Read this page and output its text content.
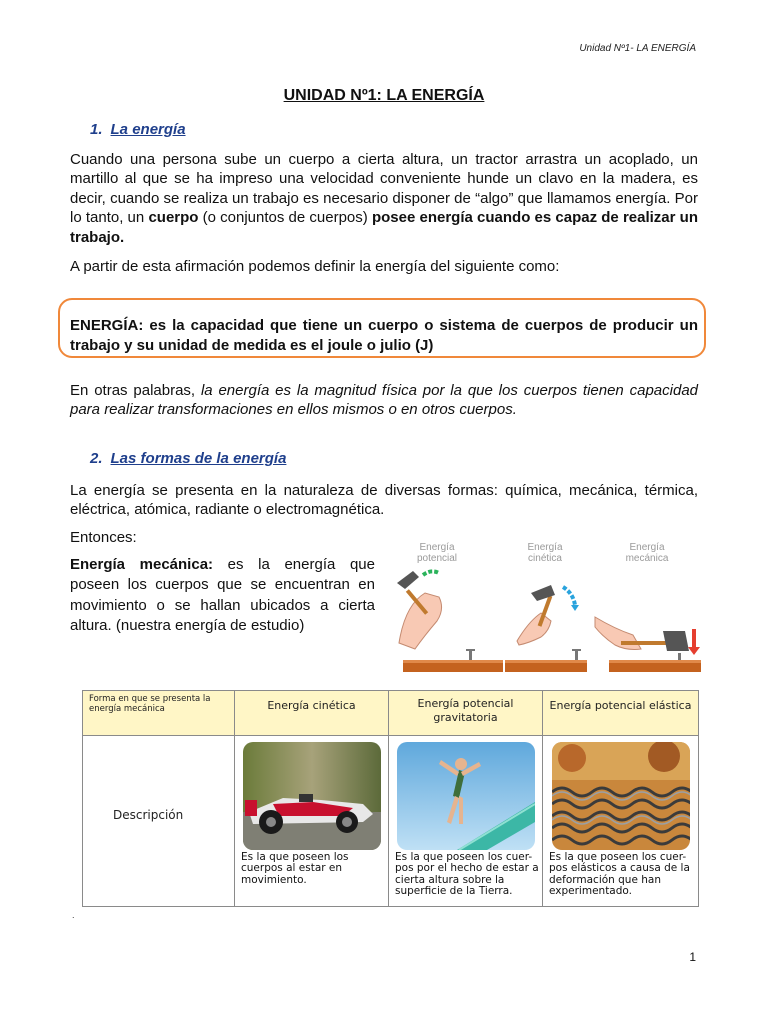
Unidad Nº1- LA ENERGÍA
UNIDAD Nº1: LA ENERGÍA
1. La energía
Cuando una persona sube un cuerpo a cierta altura, un tractor arrastra un acoplado, un martillo al que se ha impreso una velocidad conveniente hunde un clavo en la madera, es decir, cuando se realiza un trabajo es necesario disponer de “algo” que llamamos energía. Por lo tanto, un cuerpo (o conjuntos de cuerpos) posee energía cuando es capaz de realizar un trabajo.
A partir de esta afirmación podemos definir la energía del siguiente como:
ENERGÍA: es la capacidad que tiene un cuerpo o sistema de cuerpos de producir un trabajo y su unidad de medida es el joule o julio (J)
En otras palabras, la energía es la magnitud física por la que los cuerpos tienen capacidad para realizar transformaciones en ellos mismos o en otros cuerpos.
2. Las formas de la energía
La energía se presenta en la naturaleza de diversas formas: química, mecánica, térmica, eléctrica, atómica, radiante o electromagnética.
Entonces:
Energía mecánica: es la energía que poseen los cuerpos que se encuentran en movimiento o se hallan ubicados a cierta altura. (nuestra energía de estudio)
Energía
potencial
Energía
cinética
Energía
mecánica
Forma en que se presenta la energía mecánica	Energía cinética	Energía potencial gravitatoria	Energía potencial elástica

Descripción	Es la que poseen los cuerpos al estar en movimiento.	Es la que poseen los cuer-pos por el hecho de estar a cierta altura sobre la superficie de la Tierra.	Es la que poseen los cuer-pos elásticos a causa de la deformación que han experimentado.
.
1
